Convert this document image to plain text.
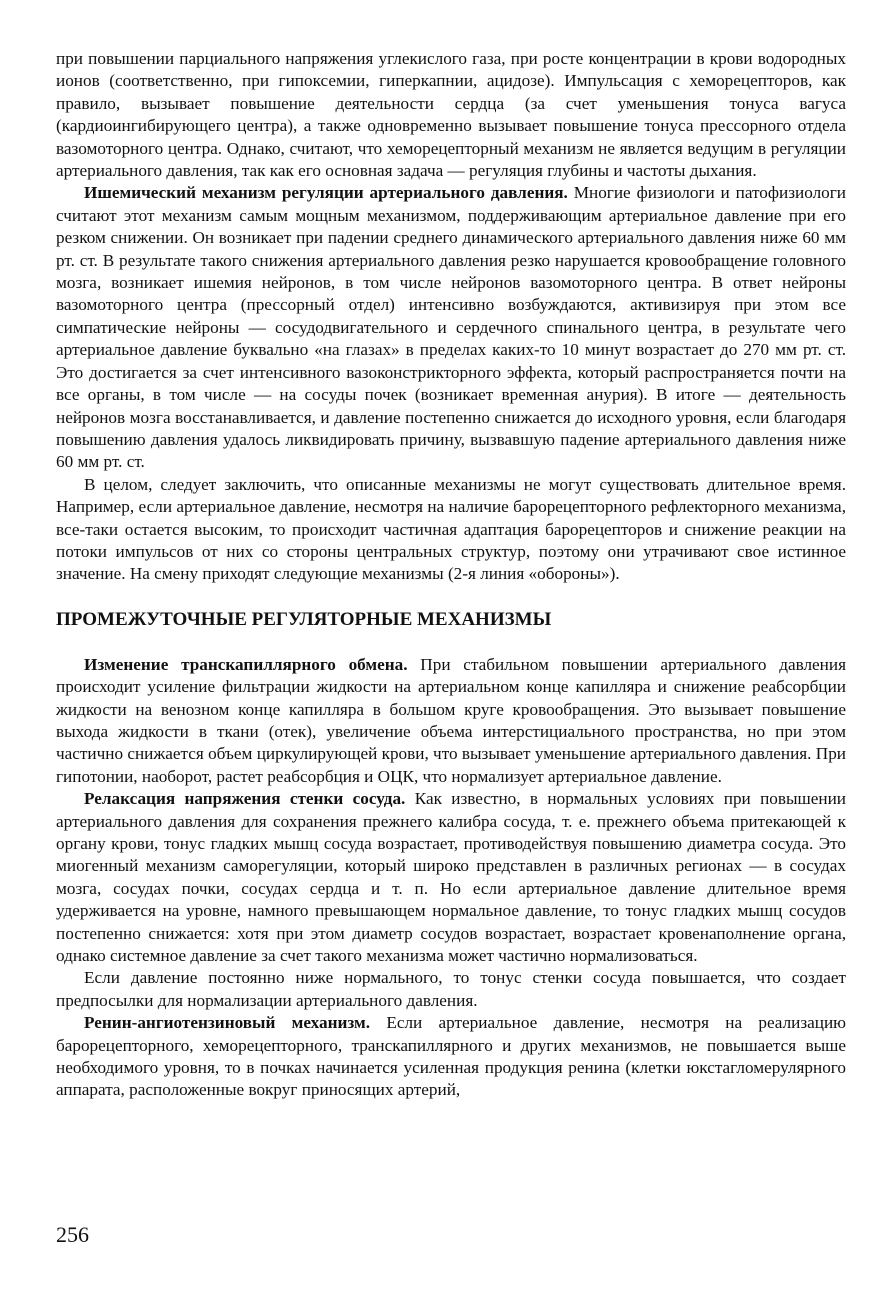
при повышении парциального напряжения углекислого газа, при росте концентрации в крови водородных ионов (соответственно, при гипоксемии, гиперкапнии, ацидозе). Импульсация с хеморецепторов, как правило, вызывает повышение деятельности сердца (за счет уменьшения тонуса вагуса (кардиоингибирующего центра), а также одновременно вызывает повышение тонуса прессорного отдела вазомоторного центра. Однако, считают, что хеморецепторный механизм не является ведущим в регуляции артериального давления, так как его основная задача — регуляция глубины и частоты дыхания.

Ишемический механизм регуляции артериального давления. Многие физиологи и патофизиологи считают этот механизм самым мощным механизмом, поддерживающим артериальное давление при его резком снижении. Он возникает при падении среднего динамического артериального давления ниже 60 мм рт. ст. В результате такого снижения артериального давления резко нарушается кровообращение головного мозга, возникает ишемия нейронов, в том числе нейронов вазомоторного центра. В ответ нейроны вазомоторного центра (прессорный отдел) интенсивно возбуждаются, активизируя при этом все симпатические нейроны — сосудодвигательного и сердечного спинального центра, в результате чего артериальное давление буквально «на глазах» в пределах каких-то 10 минут возрастает до 270 мм рт. ст. Это достигается за счет интенсивного вазоконстрикторного эффекта, который распространяется почти на все органы, в том числе — на сосуды почек (возникает временная анурия). В итоге — деятельность нейронов мозга восстанавливается, и давление постепенно снижается до исходного уровня, если благодаря повышению давления удалось ликвидировать причину, вызвавшую падение артериального давления ниже 60 мм рт. ст.

В целом, следует заключить, что описанные механизмы не могут существовать длительное время. Например, если артериальное давление, несмотря на наличие барорецепторного рефлекторного механизма, все-таки остается высоким, то происходит частичная адаптация барорецепторов и снижение реакции на потоки импульсов от них со стороны центральных структур, поэтому они утрачивают свое истинное значение. На смену приходят следующие механизмы (2-я линия «обороны»).

ПРОМЕЖУТОЧНЫЕ РЕГУЛЯТОРНЫЕ МЕХАНИЗМЫ

Изменение транскапиллярного обмена. При стабильном повышении артериального давления происходит усиление фильтрации жидкости на артериальном конце капилляра и снижение реабсорбции жидкости на венозном конце капилляра в большом круге кровообращения. Это вызывает повышение выхода жидкости в ткани (отек), увеличение объема интерстициального пространства, но при этом частично снижается объем циркулирующей крови, что вызывает уменьшение артериального давления. При гипотонии, наоборот, растет реабсорбция и ОЦК, что нормализует артериальное давление.

Релаксация напряжения стенки сосуда. Как известно, в нормальных условиях при повышении артериального давления для сохранения прежнего калибра сосуда, т. е. прежнего объема притекающей к органу крови, тонус гладких мышц сосуда возрастает, противодействуя повышению диаметра сосуда. Это миогенный механизм саморегуляции, который широко представлен в различных регионах — в сосудах мозга, сосудах почки, сосудах сердца и т. п. Но если артериальное давление длительное время удерживается на уровне, намного превышающем нормальное давление, то тонус гладких мышц сосудов постепенно снижается: хотя при этом диаметр сосудов возрастает, возрастает кровенаполнение органа, однако системное давление за счет такого механизма может частично нормализоваться.

Если давление постоянно ниже нормального, то тонус стенки сосуда повышается, что создает предпосылки для нормализации артериального давления.

Ренин-ангиотензиновый механизм. Если артериальное давление, несмотря на реализацию барорецепторного, хеморецепторного, транскапиллярного и других механизмов, не повышается выше необходимого уровня, то в почках начинается усиленная продукция ренина (клетки юкстагломерулярного аппарата, расположенные вокруг приносящих артерий,

256
